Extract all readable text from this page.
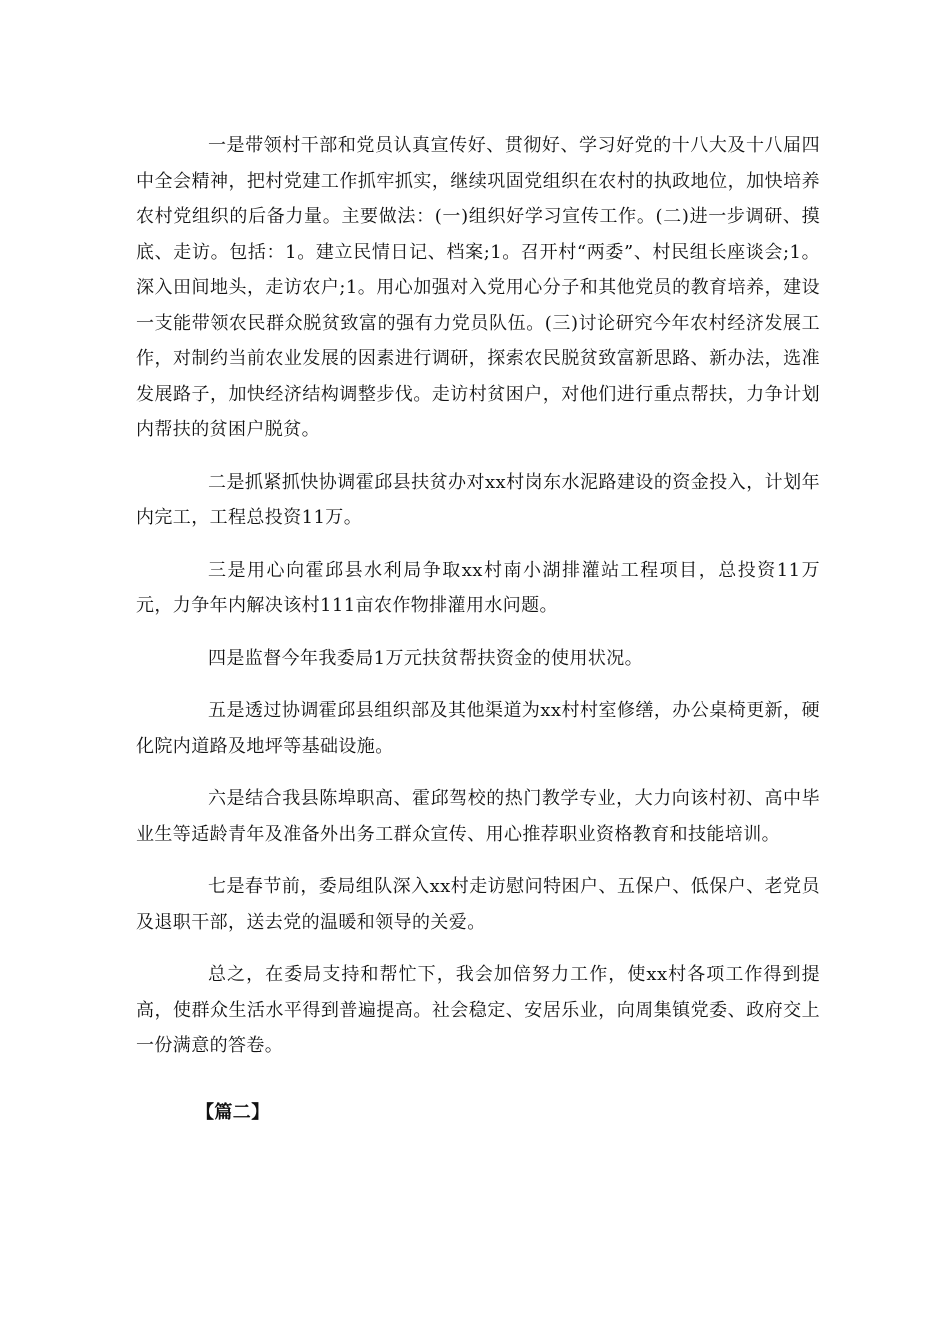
一是带领村干部和党员认真宣传好、贯彻好、学习好党的十八大及十八届四中全会精神，把村党建工作抓牢抓实，继续巩固党组织在农村的执政地位，加快培养农村党组织的后备力量。主要做法：(一)组织好学习宣传工作。(二)进一步调研、摸底、走访。包括：1。建立民情日记、档案;1。召开村“两委”、村民组长座谈会;1。深入田间地头，走访农户;1。用心加强对入党用心分子和其他党员的教育培养，建设一支能带领农民群众脱贫致富的强有力党员队伍。(三)讨论研究今年农村经济发展工作，对制约当前农业发展的因素进行调研，探索农民脱贫致富新思路、新办法，选准发展路子，加快经济结构调整步伐。走访村贫困户，对他们进行重点帮扶，力争计划内帮扶的贫困户脱贫。

二是抓紧抓快协调霍邱县扶贫办对xx村岗东水泥路建设的资金投入，计划年内完工，工程总投资11万。

三是用心向霍邱县水利局争取xx村南小湖排灌站工程项目，总投资11万元，力争年内解决该村111亩农作物排灌用水问题。

四是监督今年我委局1万元扶贫帮扶资金的使用状况。

五是透过协调霍邱县组织部及其他渠道为xx村村室修缮，办公桌椅更新，硬化院内道路及地坪等基础设施。

六是结合我县陈埠职高、霍邱驾校的热门教学专业，大力向该村初、高中毕业生等适龄青年及准备外出务工群众宣传、用心推荐职业资格教育和技能培训。

七是春节前，委局组队深入xx村走访慰问特困户、五保户、低保户、老党员及退职干部，送去党的温暖和领导的关爱。

总之，在委局支持和帮忙下，我会加倍努力工作，使xx村各项工作得到提高，使群众生活水平得到普遍提高。社会稳定、安居乐业，向周集镇党委、政府交上一份满意的答卷。

【篇二】
